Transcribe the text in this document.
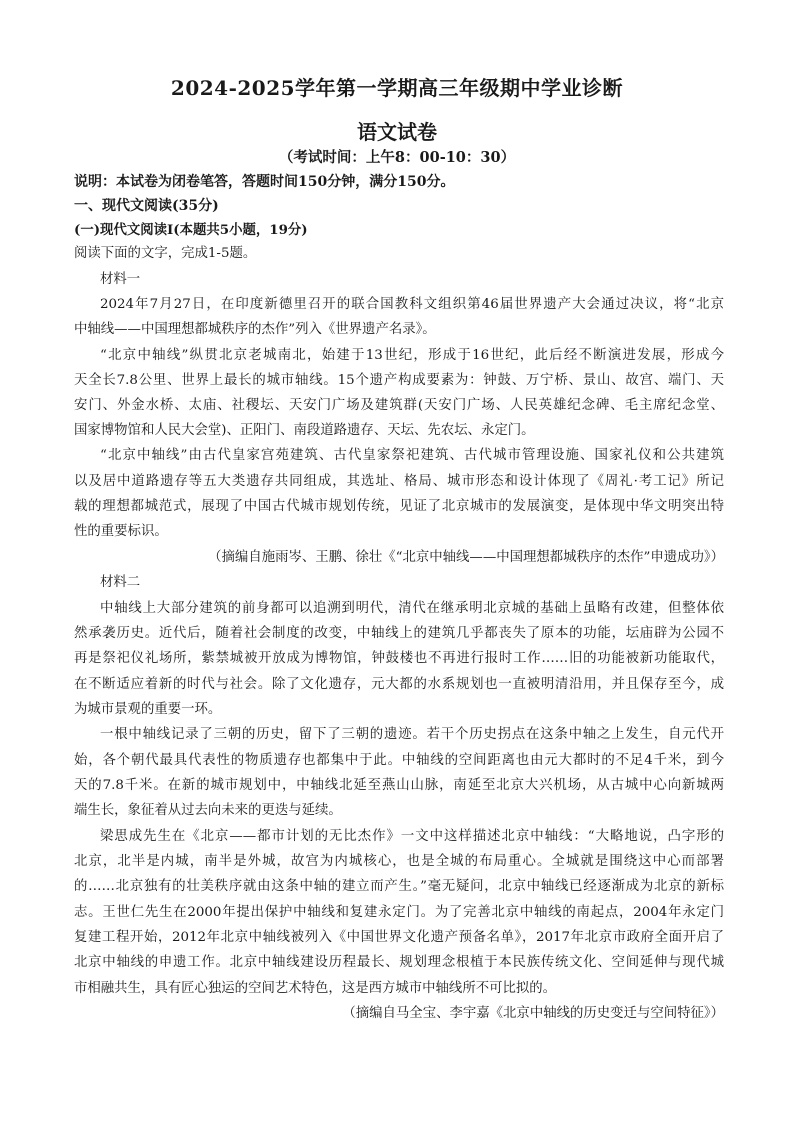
2024-2025学年第一学期高三年级期中学业诊断
语文试卷
（考试时间：上午8：00-10：30）
说明：本试卷为闭卷笔答，答题时间150分钟，满分150分。
一、现代文阅读(35分)
(一)现代文阅读Ⅰ(本题共5小题，19分)
阅读下面的文字，完成1-5题。
材料一
2024年7月27日，在印度新德里召开的联合国教科文组织第46届世界遗产大会通过决议，将“北京
中轴线——中国理想都城秩序的杰作”列入《世界遗产名录》。
“北京中轴线”纵贯北京老城南北，始建于13世纪，形成于16世纪，此后经不断演进发展，形成今
天全长7.8公里、世界上最长的城市轴线。15个遗产构成要素为：钟鼓、万宁桥、景山、故宫、端门、天
安门、外金水桥、太庙、社稷坛、天安门广场及建筑群(天安门广场、人民英雄纪念碑、毛主席纪念堂、
国家博物馆和人民大会堂)、正阳门、南段道路遗存、天坛、先农坛、永定门。
“北京中轴线”由古代皇家宫苑建筑、古代皇家祭祀建筑、古代城市管理设施、国家礼仪和公共建筑
以及居中道路遗存等五大类遗存共同组成，其选址、格局、城市形态和设计体现了《周礼·考工记》所记
载的理想都城范式，展现了中国古代城市规划传统，见证了北京城市的发展演变，是体现中华文明突出特
性的重要标识。
（摘编自施雨岑、王鹏、徐壮《“北京中轴线——中国理想都城秩序的杰作”申遗成功》）
材料二
中轴线上大部分建筑的前身都可以追溯到明代，清代在继承明北京城的基础上虽略有改建，但整体依
然承袭历史。近代后，随着社会制度的改变，中轴线上的建筑几乎都丧失了原本的功能，坛庙辟为公园不
再是祭祀仪礼场所，紫禁城被开放成为博物馆，钟鼓楼也不再进行报时工作……旧的功能被新功能取代，
在不断适应着新的时代与社会。除了文化遗存，元大都的水系规划也一直被明清沿用，并且保存至今，成
为城市景观的重要一环。
一根中轴线记录了三朝的历史，留下了三朝的遗迹。若干个历史拐点在这条中轴之上发生，自元代开
始，各个朝代最具代表性的物质遗存也都集中于此。中轴线的空间距离也由元大都时的不足4千米，到今
天的7.8千米。在新的城市规划中，中轴线北延至燕山山脉，南延至北京大兴机场，从古城中心向新城两
端生长，象征着从过去向未来的更迭与延续。
梁思成先生在《北京——都市计划的无比杰作》一文中这样描述北京中轴线：“大略地说，凸字形的
北京，北半是内城，南半是外城，故宫为内城核心，也是全城的布局重心。全城就是围绕这中心而部署
的……北京独有的壮美秩序就由这条中轴的建立而产生。”毫无疑问，北京中轴线已经逐渐成为北京的新标
志。王世仁先生在2000年提出保护中轴线和复建永定门。为了完善北京中轴线的南起点，2004年永定门
复建工程开始，2012年北京中轴线被列入《中国世界文化遗产预备名单》，2017年北京市政府全面开启了
北京中轴线的申遗工作。北京中轴线建设历程最长、规划理念根植于本民族传统文化、空间延伸与现代城
市相融共生，具有匠心独运的空间艺术特色，这是西方城市中轴线所不可比拟的。
（摘编自马全宝、李宇嘉《北京中轴线的历史变迁与空间特征》）
